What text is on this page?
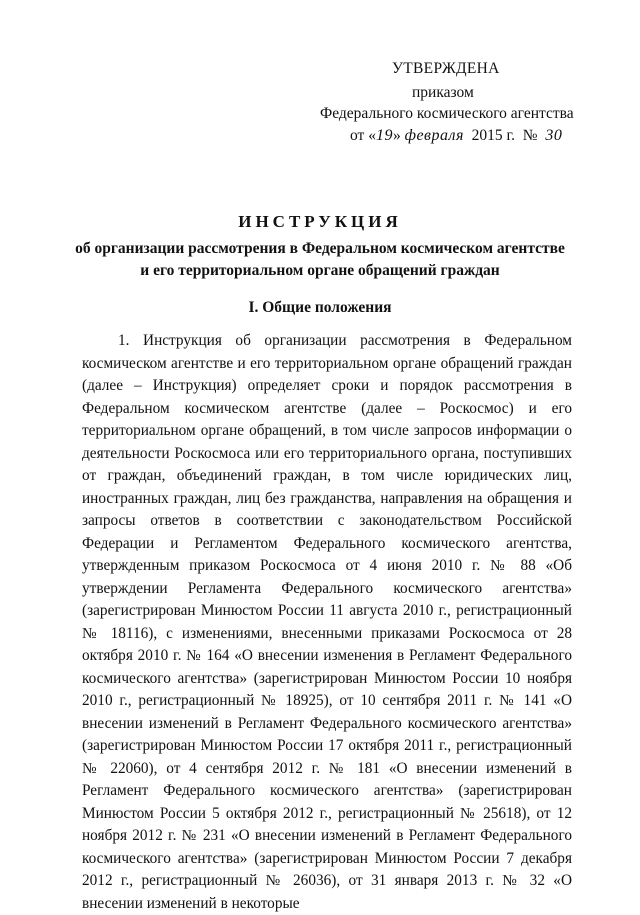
УТВЕРЖДЕНА
приказом
Федерального космического агентства
от «19» февраля 2015 г. № 30
ИНСТРУКЦИЯ
об организации рассмотрения в Федеральном космическом агентстве
и его территориальном органе обращений граждан
I. Общие положения
1. Инструкция об организации рассмотрения в Федеральном космическом агентстве и его территориальном органе обращений граждан (далее – Инструкция) определяет сроки и порядок рассмотрения в Федеральном космическом агентстве (далее – Роскосмос) и его территориальном органе обращений, в том числе запросов информации о деятельности Роскосмоса или его территориального органа, поступивших от граждан, объединений граждан, в том числе юридических лиц, иностранных граждан, лиц без гражданства, направления на обращения и запросы ответов в соответствии с законодательством Российской Федерации и Регламентом Федерального космического агентства, утвержденным приказом Роскосмоса от 4 июня 2010 г. № 88 «Об утверждении Регламента Федерального космического агентства» (зарегистрирован Минюстом России 11 августа 2010 г., регистрационный № 18116), с изменениями, внесенными приказами Роскосмоса от 28 октября 2010 г. № 164 «О внесении изменения в Регламент Федерального космического агентства» (зарегистрирован Минюстом России 10 ноября 2010 г., регистрационный № 18925), от 10 сентября 2011 г. № 141 «О внесении изменений в Регламент Федерального космического агентства» (зарегистрирован Минюстом России 17 октября 2011 г., регистрационный № 22060), от 4 сентября 2012 г. № 181 «О внесении изменений в Регламент Федерального космического агентства» (зарегистрирован Минюстом России 5 октября 2012 г., регистрационный № 25618), от 12 ноября 2012 г. № 231 «О внесении изменений в Регламент Федерального космического агентства» (зарегистрирован Минюстом России 7 декабря 2012 г., регистрационный № 26036), от 31 января 2013 г. № 32 «О внесении изменений в некоторые
